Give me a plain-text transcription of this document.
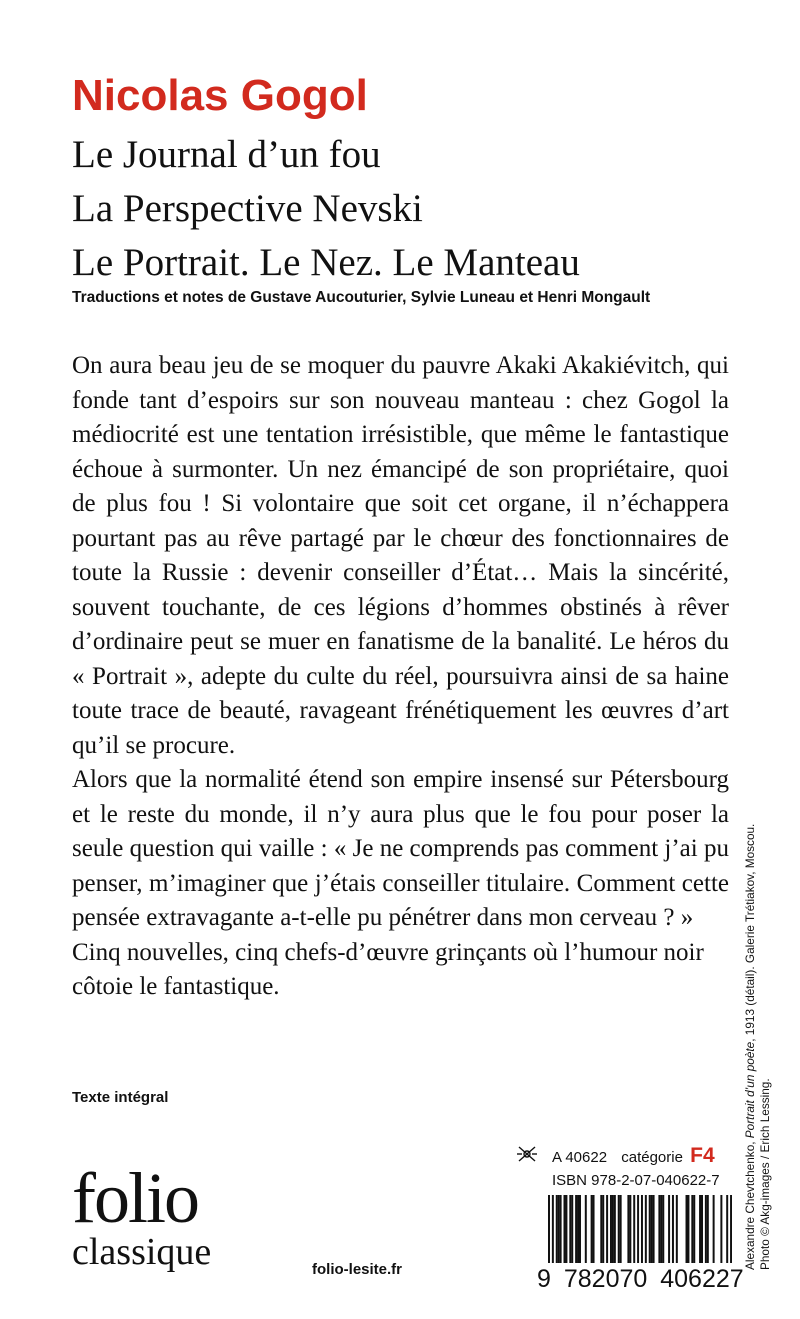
Nicolas Gogol
Le Journal d’un fou
La Perspective Nevski
Le Portrait. Le Nez. Le Manteau
Traductions et notes de Gustave Aucouturier, Sylvie Luneau et Henri Mongault

On aura beau jeu de se moquer du pauvre Akaki Akakiévitch, qui fonde tant d’espoirs sur son nouveau manteau : chez Gogol la médiocrité est une tentation irrésistible, que même le fantastique échoue à surmonter. Un nez émancipé de son propriétaire, quoi de plus fou ! Si volontaire que soit cet organe, il n’échappera pourtant pas au rêve partagé par le chœur des fonctionnaires de toute la Russie : devenir conseiller d’État… Mais la sincérité, souvent touchante, de ces légions d’hommes obstinés à rêver d’ordinaire peut se muer en fanatisme de la banalité. Le héros du « Portrait », adepte du culte du réel, poursuivra ainsi de sa haine toute trace de beauté, ravageant frénétiquement les œuvres d’art qu’il se procure.

Alors que la normalité étend son empire insensé sur Pétersbourg et le reste du monde, il n’y aura plus que le fou pour poser la seule question qui vaille : « Je ne comprends pas comment j’ai pu penser, m’imaginer que j’étais conseiller titulaire. Comment cette pensée extravagante a-t-elle pu pénétrer dans mon cerveau ? »

Cinq nouvelles, cinq chefs-d’œuvre grinçants où l’humour noir côtoie le fantastique.

Texte intégral
A 40622 catégorie F4
ISBN 978-2-07-040622-7
9 782070 406227
folio
classique	folio-lesite.fr	Alexandre Chevtchenko, Portrait d’un poète, 1913 (détail). Galerie Trétiakov, Moscou.
Photo © Akg-images / Erich Lessing.
